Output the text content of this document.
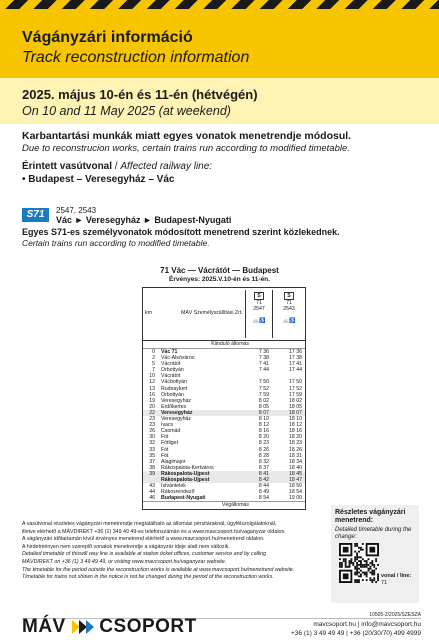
Vágányzári információ
Track reconstruction information
2025. május 10-én és 11-én (hétvégén)
On 10 and 11 May 2025 (at weekend)
Karbantartási munkák miatt egyes vonatok menetrendje módosul.
Due to reconstrucion works, certain trains run according to modified timetable.
Érintett vasútvonal / Affected railway line:
• Budapest – Veresegyház – Vác
S71	2547, 2543
Vác ► Veresegyház ► Budapest-Nyugati
Egyes S71-es személyvonatok módosított menetrend szerint közlekednek.
Certain trains run according to modified timetable.
71 Vác — Vácrátót — Budapest
Érvényes: 2025.V.10-én és 11-én.
km	MÁV Személyszállítási Zrt.
S
71
2547

🚲♿
S
71
2543

🚲♿
Kiinduló állomás
0 Vác 71	7 36	17 36
2 Vác-Alsóváros	7 38	17 38
5 Vácrátót	7 41	17 41
7 Őrbottyán	7 44	17 44
10 Vácrátót
12 Vácbottyán	7 50	17 50
13 Rudnaykert	7 52	17 52
16 Őrbottyán	7 59	17 59
19 Veresegyház	8 02	18 02
20 Erdőkertes	8 05	18 05
22 Veresegyház	8 07	18 07
23 Veresegyház	8 10	18 10
23 Ivacs	8 12	18 12
26 Csomád	8 16	18 16
30 Fót	8 20	18 20
32 Fótliget	8 23	18 23
33 Fót	8 26	18 26
35 Fót	8 28	18 31
37 Alagimajor	8 32	18 34
38 Rákospalota-Kertváros	8 37	18 40
39 Rákospalota-Újpest	8 41	18 45
Rákospalota-Újpest	8 42	18 47
43 Istvántelek	8 44	18 50
44 Rákosrendező	8 49	18 54
46 Budapest-Nyugati	8 54	19 00
Végállomás
A vasútvonal részletes vágányzári menetrendje megtalálható az állomási pénztáraknál, ügyfélszolgálatoknál,
illetve elérhető a MÁVDIREKT +36 (1) 349 49 49-es telefonszámán és a www.mavcsoport.hu/vaganyzar oldalon.
A vágányzári időtartamán kívül érvényes menetrend elérhető a www.mavcsoport.hu/menetrend oldalon.
A hirdetményen nem szereplő vonatok menetrendje a vágányzár ideje alatt nem változik.
Detailed timetable of thiswill way line is available at station ticket offices, customer service and by calling
MÁVDIREKT on +36 (1) 3 49 49 49, or visiting www.mavcsoport.hu/vaganyzar website.
The timetable for the period outside the reconstruction works is available at www.mavcsoport.hu/menetrend website.
Timetable for trains not shown in the notice is not be changed during the period of the reconstruction works.
Részletes vágányzári menetrend:
Detailed timetable during the change:
vonal / line:
71
10505-2/2025/SZESZA
MÁV CSOPORT	mavcsoport.hu | info@mavcsoport.hu
+36 (1) 3 49 49 49 | +36 (20/30/70) 499 4999
